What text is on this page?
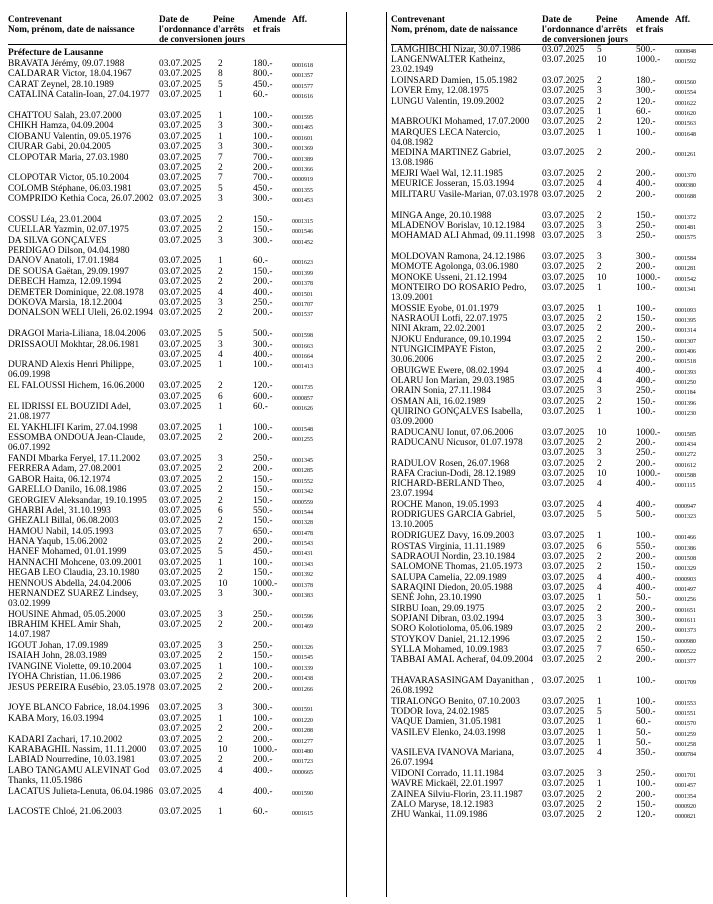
Contrevenant
Nom, prénom, date de naissance
Date de
l'ordonnance
de conversion
Peine
d'arrêts
en jours
Amende
et frais
Aff.
Préfecture de Lausanne
BRAVATA Jérémy, 09.07.1988	03.07.2025 2	180.-	0001618
CALDARAR Victor, 18.04.1967	03.07.2025 8	800.-	0001357
CARAT Zeynel, 28.10.1989	03.07.2025 5	450.-	0001577
CATALINA Catalin-Ioan, 27.04.1977 03.07.2025 1	60.-	0001616
CHATTOU Salah, 23.07.2000	03.07.2025 1	100.-	0001595
CHIKH Hamza, 04.09.2004	03.07.2025 3	300.-	0001465
CIOBANU Valentin, 09.05.1976	03.07.2025 1	100.-	0001601
CIURAR Gabi, 20.04.2005	03.07.2025 3	300.-	0001369
CLOPOTAR Maria, 27.03.1980	03.07.2025 7	700.-	0001389
03.07.2025 2	200.-	0001366
CLOPOTAR Victor, 05.10.2004	03.07.2025 7	700.-	0000919
COLOMB Stéphane, 06.03.1981	03.07.2025 5	450.-	0001355
COMPRIDO Kethia Coca, 26.07.2002 03.07.2025 3	300.-	0001453
COSSU Léa, 23.01.2004	03.07.2025 2	150.-	0001315
CUELLAR Yazmin, 02.07.1975	03.07.2025 2	150.-	0001546
DA SILVA GONÇALVES PERDIGAO Dilson, 04.04.1980
03.07.2025 3	300.-	0001452
DANOV Anatoli, 17.01.1984	03.07.2025 1	60.-	0001623
DE SOUSA Gaëtan, 29.09.1997	03.07.2025 2	150.-	0001399
DEBECH Hamza, 12.09.1994	03.07.2025 2	200.-	0001378
DEMETER Dominique, 22.08.1978	03.07.2025 4	400.-	0001501
DOKOVA Marsia, 18.12.2004	03.07.2025 3	250.-	0001707
DONALSON WELI Uleli, 26.02.1994 03.07.2025 2	200.-	0001537
DRAGOI Maria-Liliana, 18.04.2006	03.07.2025 5	500.-	0001598
DRISSAOUI Mokhtar, 28.06.1981	03.07.2025 3	300.-	0001663
03.07.2025 4	400.-	0001664
DURAND Alexis Henri Philippe, 06.09.1998
03.07.2025 1	100.-	0001413
EL FALOUSSI Hichem, 16.06.2000	03.07.2025 2	120.-	0001735
03.07.2025 6	600.-	0000857
EL IDRISSI EL BOUZIDI Adel, 21.08.1977
03.07.2025 1	60.-	0001626
EL YAKHLIFI Karim, 27.04.1998	03.07.2025 1	100.-	0001548
ESSOMBA ONDOUA Jean-Claude, 06.07.1992
03.07.2025 2	200.-	0001255
FANDI Mbarka Feryel, 17.11.2002	03.07.2025 3	250.-	0001345
FERRERA Adam, 27.08.2001	03.07.2025 2	200.-	0001285
GABOR Haita, 06.12.1974	03.07.2025 2	150.-	0001552
GARELLO Danilo, 16.08.1986	03.07.2025 2	150.-	0001342
GEORGIEV Aleksandar, 19.10.1995	03.07.2025 2	150.-	0000559
GHARBI Adel, 31.10.1993	03.07.2025 6	550.-	0001544
GHEZALI Billal, 06.08.2003	03.07.2025 2	150.-	0001328
HAMOU Nabil, 14.05.1993	03.07.2025 7	650.-	0001478
HANA Yaqub, 15.06.2002	03.07.2025 2	200.-	0001543
HANEF Mohamed, 01.01.1999	03.07.2025 5	450.-	0001431
HANNACHI Mohcene, 03.09.2001	03.07.2025 1	100.-	0001343
HEGAB LEO Claudia, 23.10.1980	03.07.2025 2	150.-	0001392
HENNOUS Abdella, 24.04.2006	03.07.2025 10	1000.- 0001378
HERNANDEZ SUAREZ Lindsey, 03.02.1999
03.07.2025 3	300.-	0001383
HOUSINE Ahmad, 05.05.2000	03.07.2025 3	250.-	0001596
IBRAHIM KHEL Amir Shah, 14.07.1987
03.07.2025 2	200.-	0001469
IGOUT Johan, 17.09.1989	03.07.2025 3	250.-	0001326
ISAIAH John, 28.03.1989	03.07.2025 2	150.-	0001545
IVANGINE Violette, 09.10.2004	03.07.2025 1	100.-	0001339
IYOHA Christian, 11.06.1986	03.07.2025 2	200.-	0001438
JESUS PEREIRA Eusébio, 23.05.1978 03.07.2025 2	200.-	0001266
JOYE BLANCO Fabrice, 18.04.1996	03.07.2025 3	300.-	0001591
KABA Mory, 16.03.1994	03.07.2025 1	100.-	0001220
03.07.2025 2	200.-	0001288
KADARI Zachari, 17.10.2002	03.07.2025 2	200.-	0001277
KARABAGHIL Nassim, 11.11.2000	03.07.2025 10	1000.- 0001480
LABIAD Nourredine, 10.03.1981	03.07.2025 2	200.-	0001723
LABO TANGAMU ALEVINAT God Thanks, 11.05.1986
03.07.2025 4	400.-	0000665
LACATUS Julieta-Lenuta, 06.04.1986 03.07.2025 4	400.-	0001590
LACOSTE Chloé, 21.06.2003	03.07.2025 1	60.-	0001615
Contrevenant
Nom, prénom, date de naissance
Date de
l'ordonnance
de conversion
Peine
d'arrêts
en jours
Amende
et frais
Aff.
LAMGHIBCHI Nizar, 30.07.1986	03.07.2025 5	500.-	0000848
LANGENWALTER Katheinz, 23.02.1949
03.07.2025 10	1000.- 0001592
LOINSARD Damien, 15.05.1982	03.07.2025 2	180.-	0001560
LOVER Emy, 12.08.1975	03.07.2025 3	300.-	0001554
LUNGU Valentin, 19.09.2002	03.07.2025 2	120.-	0001622
03.07.2025 1	60.-	0001620
MABROUKI Mohamed, 17.07.2000	03.07.2025 2	120.-	0001563
MARQUES LECA Natercio, 04.08.1982
03.07.2025 1	100.-	0001648
MEDINA MARTINEZ Gabriel, 13.08.1986
03.07.2025 2	200.-	0001261
MEJRI Wael Wal, 12.11.1985	03.07.2025 2	200.-	0001370
MEURICE Josseran, 15.03.1994	03.07.2025 4	400.-	0000380
MILITARU Vasile-Marian, 07.03.1978 03.07.2025 2	200.-	0001688
MINGA Ange, 20.10.1988	03.07.2025 2	150.-	0001372
MLADENOV Borislav, 10.12.1984	03.07.2025 3	250.-	0001481
MOHAMAD ALI Ahmad, 09.11.1998 03.07.2025 3	250.-	0001575
MOLDOVAN Ramona, 24.12.1986	03.07.2025 3	300.-	0001584
MOMOTE Agolonga, 03.06.1980	03.07.2025 2	200.-	0001281
MONOKE Usseni, 21.12.1994	03.07.2025 10	1000.- 0001542
MONTEIRO DO ROSARIO Pedro, 13.09.2001
03.07.2025 1	100.-	0001341
MOSSIE Eyobe, 01.01.1979	03.07.2025 1	100.-	0001093
NASRAOUI Lotfi, 22.07.1975	03.07.2025 2	150.-	0001395
NINI Akram, 22.02.2001	03.07.2025 2	200.-	0001314
NJOKU Endurance, 09.10.1994	03.07.2025 2	150.-	0001307
NTUNGICIMPAYE Fiston, 30.06.2006
03.07.2025 2	200.-	0001406
03.07.2025 2	200.-	0001518
OBUIGWE Ewere, 08.02.1994	03.07.2025 4	400.-	0001393
OLARU Ion Marian, 29.03.1985	03.07.2025 4	400.-	0001250
ORAIN Sonia, 27.11.1984	03.07.2025 3	250.-	0001184
OSMAN Ali, 16.02.1989	03.07.2025 2	150.-	0001396
QUIRINO GONÇALVES Isabella, 03.09.2000
03.07.2025 1	100.-	0001230
RADUCANU Ionut, 07.06.2006	03.07.2025 10	1000.- 0001585
RADUCANU Nicusor, 01.07.1978	03.07.2025 2	200.-	0001434
03.07.2025 3	250.-	0001272
RADULOV Rosen, 26.07.1968	03.07.2025 2	200.-	0001612
RAFA Craciun-Dodi, 28.12.1989	03.07.2025 10	1000.- 0001588
RICHARD-BERLAND Theo, 23.07.1994
03.07.2025 4	400.-	0001115
ROCHE Manon, 19.05.1993	03.07.2025 4	400.-	0000947
RODRIGUES GARCIA Gabriel, 13.10.2005
03.07.2025 5	500.-	0001323
RODRIGUEZ Davy, 16.09.2003	03.07.2025 1	100.-	0001466
ROSTAS Virginia, 11.11.1989	03.07.2025 6	550.-	0001386
SADRAOUI Nordin, 23.10.1984	03.07.2025 2	200.-	0001508
SALOMONE Thomas, 21.05.1973	03.07.2025 2	150.-	0001329
SALUPA Camelia, 22.09.1989	03.07.2025 4	400.-	0000903
SARAQINI Diedon, 20.05.1988	03.07.2025 4	400.-	0001497
SENÉ John, 23.10.1990	03.07.2025 1	50.-	0001256
SIRBU Ioan, 29.09.1975	03.07.2025 2	200.-	0001651
SOPJANI Dibran, 03.02.1994	03.07.2025 3	300.-	0001611
SORO Kolotioloma, 05.06.1989	03.07.2025 2	200.-	0001373
STOYKOV Daniel, 21.12.1996	03.07.2025 2	150.-	0000980
SYLLA Mohamed, 10.09.1983	03.07.2025 7	650.-	0000522
TABBAI AMAL Acheraf, 04.09.2004 03.07.2025 2	200.-	0001377
THAVARASASINGAM Dayanithan , 26.08.1992
03.07.2025 1	100.-	0001709
TIRALONGO Benito, 07.10.2003	03.07.2025 1	100.-	0001553
TODOR Iova, 24.02.1985	03.07.2025 5	500.-	0001551
VAQUE Damien, 31.05.1981	03.07.2025 1	60.-	0001570
VASILEV Elenko, 24.03.1998	03.07.2025 1	50.-	0001259
03.07.2025 1	50.-	0001258
VASILEVA IVANOVA Mariana, 26.07.1994
03.07.2025 4	350.-	0000784
VIDONI Corrado, 11.11.1984	03.07.2025 3	250.-	0001701
WAVRE Mickaël, 22.01.1997	03.07.2025 1	100.-	0001457
ZAINEA Silviu-Florin, 23.11.1987	03.07.2025 2	200.-	0001354
ZALO Maryse, 18.12.1983	03.07.2025 2	150.-	0000920
ZHU Wankai, 11.09.1986	03.07.2025 2	120.-	0000821
